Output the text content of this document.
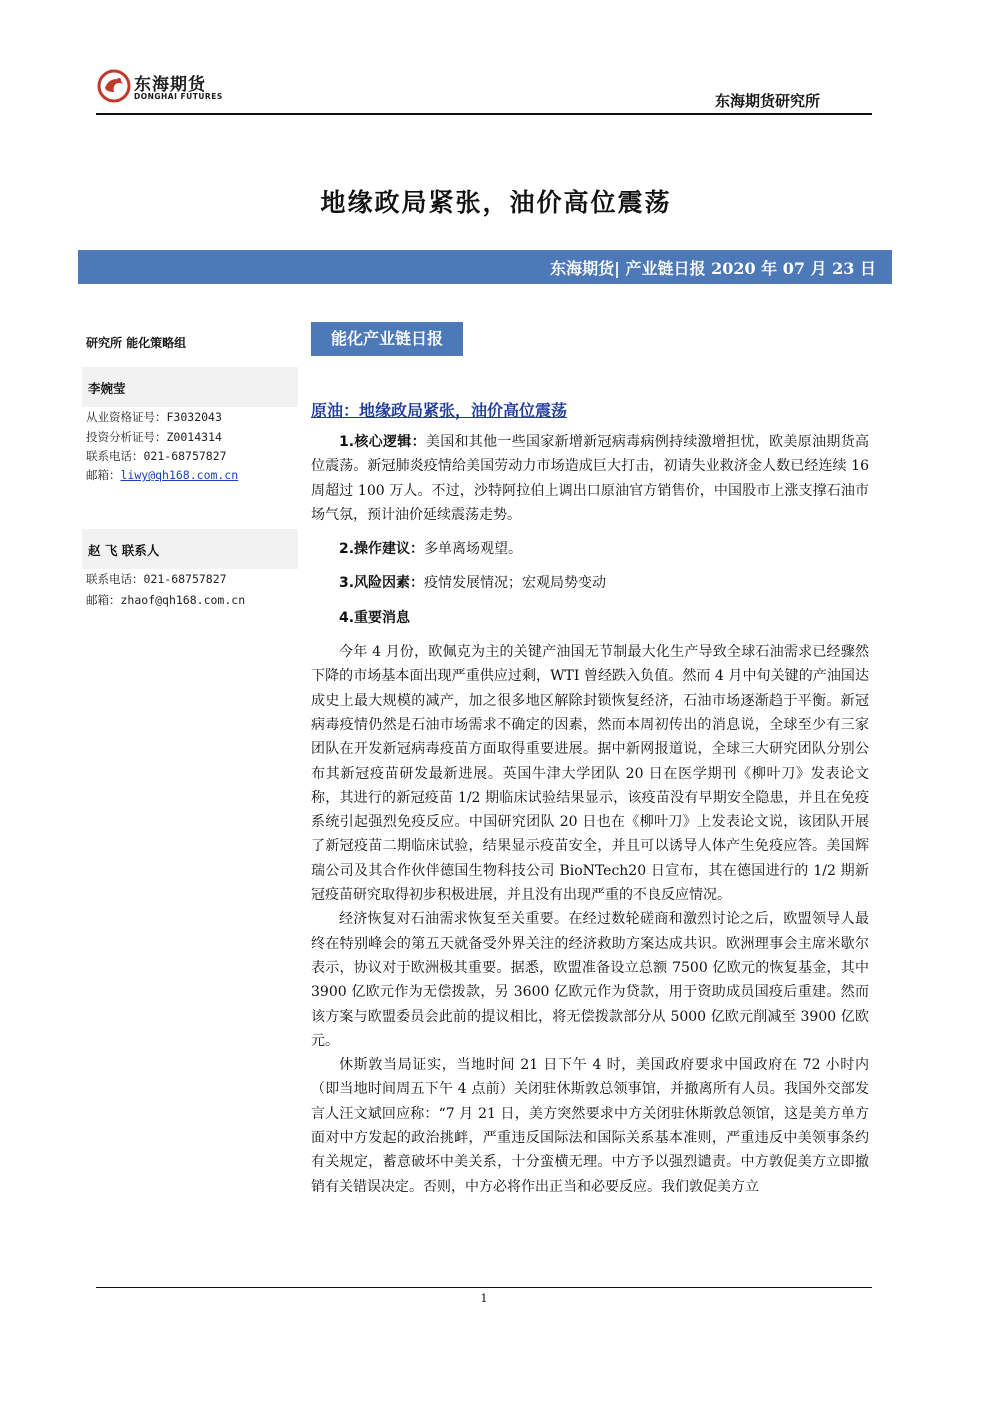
东海期货
DONGHAI FUTURES	东海期货研究所
地缘政局紧张，油价高位震荡
东海期货| 产业链日报 2020 年 07 月 23 日
研究所 能化策略组
李婉莹
从业资格证号：F3032043
投资分析证号：Z0014314
联系电话：021-68757827
邮箱：liwy@qh168.com.cn
赵 飞 联系人
联系电话：021-68757827
邮箱：zhaof@qh168.com.cn
能化产业链日报
原油：地缘政局紧张，油价高位震荡

1.核心逻辑：美国和其他一些国家新增新冠病毒病例持续激增担忧，欧美原油期货高位震荡。新冠肺炎疫情给美国劳动力市场造成巨大打击，初请失业救济金人数已经连续 16 周超过 100 万人。不过，沙特阿拉伯上调出口原油官方销售价，中国股市上涨支撑石油市场气氛，预计油价延续震荡走势。

2.操作建议：多单离场观望。

3.风险因素：疫情发展情况；宏观局势变动

4.重要消息

今年 4 月份，欧佩克为主的关键产油国无节制最大化生产导致全球石油需求已经骤然下降的市场基本面出现严重供应过剩，WTI 曾经跌入负值。然而 4 月中旬关键的产油国达成史上最大规模的减产，加之很多地区解除封锁恢复经济，石油市场逐渐趋于平衡。新冠病毒疫情仍然是石油市场需求不确定的因素，然而本周初传出的消息说，全球至少有三家团队在开发新冠病毒疫苗方面取得重要进展。据中新网报道说，全球三大研究团队分别公布其新冠疫苗研发最新进展。英国牛津大学团队 20 日在医学期刊《柳叶刀》发表论文称，其进行的新冠疫苗 1/2 期临床试验结果显示，该疫苗没有早期安全隐患，并且在免疫系统引起强烈免疫反应。中国研究团队 20 日也在《柳叶刀》上发表论文说，该团队开展了新冠疫苗二期临床试验，结果显示疫苗安全，并且可以诱导人体产生免疫应答。美国辉瑞公司及其合作伙伴德国生物科技公司 BioNTech20 日宣布，其在德国进行的 1/2 期新冠疫苗研究取得初步积极进展，并且没有出现严重的不良反应情况。

经济恢复对石油需求恢复至关重要。在经过数轮磋商和激烈讨论之后，欧盟领导人最终在特别峰会的第五天就备受外界关注的经济救助方案达成共识。欧洲理事会主席米歇尔表示，协议对于欧洲极其重要。据悉，欧盟准备设立总额 7500 亿欧元的恢复基金，其中 3900 亿欧元作为无偿拨款，另 3600 亿欧元作为贷款，用于资助成员国疫后重建。然而该方案与欧盟委员会此前的提议相比，将无偿拨款部分从 5000 亿欧元削减至 3900 亿欧元。

休斯敦当局证实，当地时间 21 日下午 4 时，美国政府要求中国政府在 72 小时内（即当地时间周五下午 4 点前）关闭驻休斯敦总领事馆，并撤离所有人员。我国外交部发言人汪文斌回应称：“7 月 21 日，美方突然要求中方关闭驻休斯敦总领馆，这是美方单方面对中方发起的政治挑衅，严重违反国际法和国际关系基本准则，严重违反中美领事条约有关规定，蓄意破坏中美关系，十分蛮横无理。中方予以强烈谴责。中方敦促美方立即撤销有关错误决定。否则，中方必将作出正当和必要反应。我们敦促美方立

1
